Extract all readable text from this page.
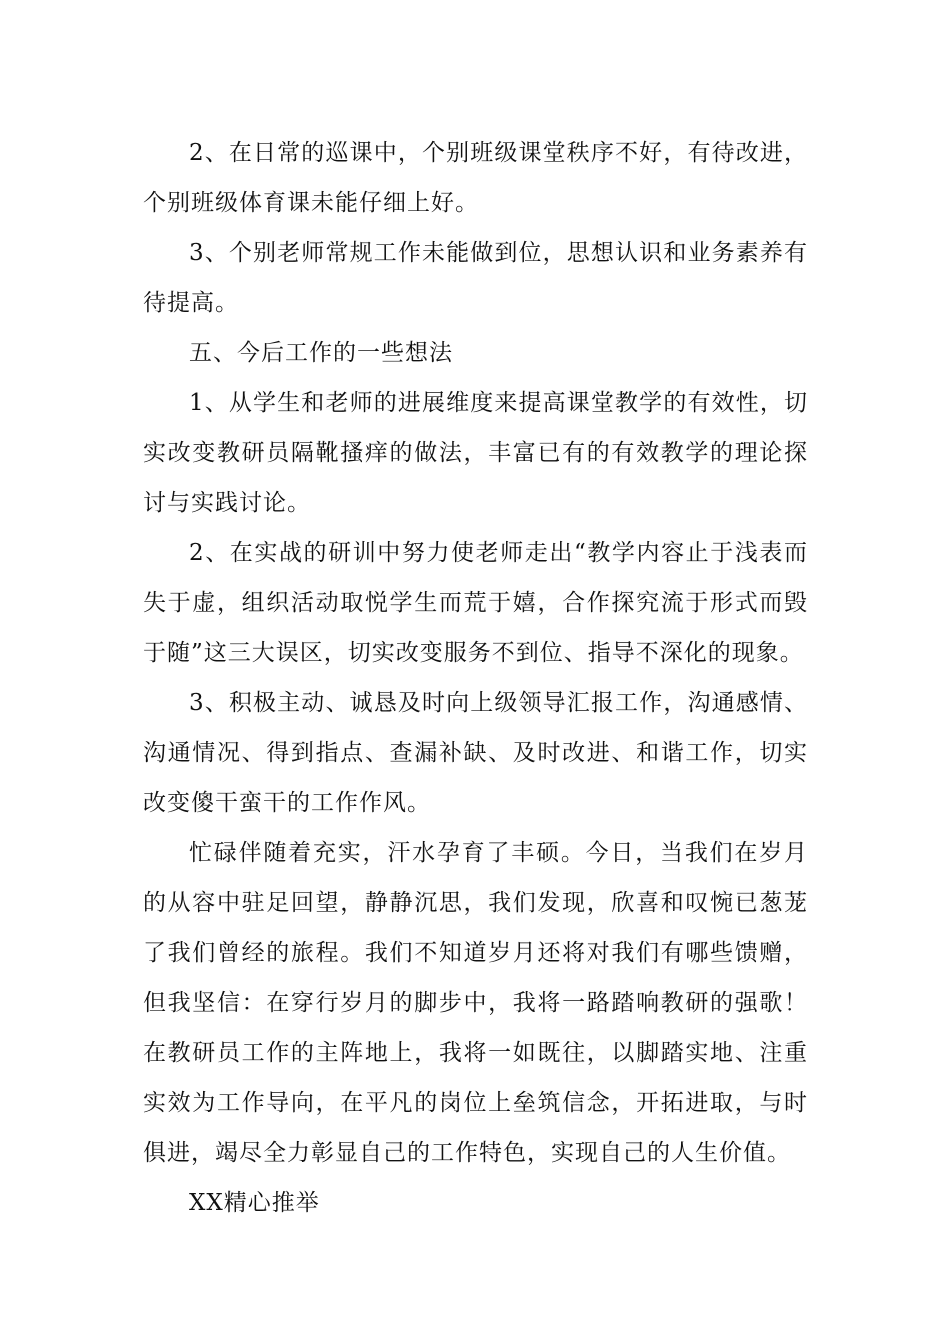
2、在日常的巡课中，个别班级课堂秩序不好，有待改进，个别班级体育课未能仔细上好。

3、个别老师常规工作未能做到位，思想认识和业务素养有待提高。

五、今后工作的一些想法

1、从学生和老师的进展维度来提高课堂教学的有效性，切实改变教研员隔靴搔痒的做法，丰富已有的有效教学的理论探讨与实践讨论。

2、在实战的研训中努力使老师走出“教学内容止于浅表而失于虚，组织活动取悦学生而荒于嬉，合作探究流于形式而毁于随”这三大误区，切实改变服务不到位、指导不深化的现象。

3、积极主动、诚恳及时向上级领导汇报工作，沟通感情、沟通情况、得到指点、查漏补缺、及时改进、和谐工作，切实改变傻干蛮干的工作作风。

忙碌伴随着充实，汗水孕育了丰硕。今日，当我们在岁月的从容中驻足回望，静静沉思，我们发现，欣喜和叹惋已葱茏了我们曾经的旅程。我们不知道岁月还将对我们有哪些馈赠，但我坚信：在穿行岁月的脚步中，我将一路踏响教研的强歌！在教研员工作的主阵地上，我将一如既往，以脚踏实地、注重实效为工作导向，在平凡的岗位上垒筑信念，开拓进取，与时俱进，竭尽全力彰显自己的工作特色，实现自己的人生价值。

XX精心推举
